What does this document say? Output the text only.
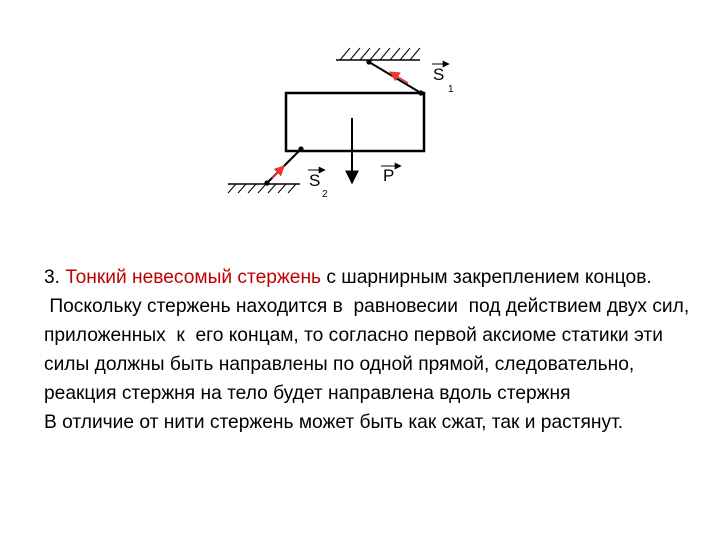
S
1
S
2
P

3. Тонкий невесомый стержень с шарнирным закреплением концов.

Поскольку стержень находится в  равновесии  под действием двух сил, приложенных  к  его концам, то согласно первой аксиоме статики эти силы должны быть направлены по одной прямой, следовательно, реакция стержня на тело будет направлена вдоль стержня

В отличие от нити стержень может быть как сжат, так и растянут.
